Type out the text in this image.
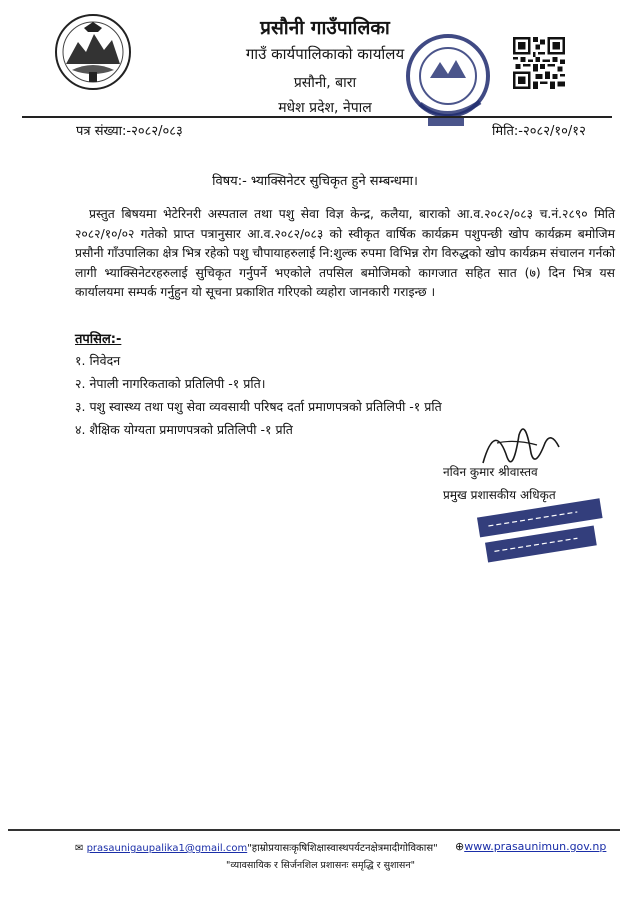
प्रसौनी गाउँपालिका
गाउँ कार्यपालिकाको कार्यालय
प्रसौनी, बारा
मधेश प्रदेश, नेपाल
पत्र संख्या:-२०८२/०८३	मिति:-२०८२/१०/१२
विषय:- भ्याक्सिनेटर सुचिकृत हुने सम्बन्धमा।
प्रस्तुत बिषयमा भेटेरिनरी अस्पताल तथा पशु सेवा विज्ञ केन्द्र, कलैया, बाराको आ.व.२०८२/०८३ च.नं.२८९० मिति २०८२/१०/०२ गतेको प्राप्त पत्रानुसार आ.व.२०८२/०८३ को स्वीकृत वार्षिक कार्यक्रम पशुपन्छी खोप कार्यक्रम बमोजिम प्रसौनी गाँउपालिका क्षेत्र भित्र रहेको पशु चौपायाहरुलाई नि:शुल्क रुपमा विभिन्न रोग विरुद्धको खोप कार्यक्रम संचालन गर्नको लागी भ्याक्सिनेटरहरुलाई सुचिकृत गर्नुपर्ने भएकोले तपसिल बमोजिमको कागजात सहित सात (७) दिन भित्र यस कार्यालयमा सम्पर्क गर्नुहुन यो सूचना प्रकाशित गरिएको व्यहोरा जानकारी गराइन्छ ।
तपसिल:-
१. निवेदन
२. नेपाली नागरिकताको प्रतिलिपी -१ प्रति।
३. पशु स्वास्थ्य तथा पशु सेवा व्यवसायी परिषद दर्ता प्रमाणपत्रको प्रतिलिपी -१ प्रति
४. शैक्षिक योग्यता प्रमाणपत्रको प्रतिलिपी -१ प्रति
नविन कुमार श्रीवास्तव
प्रमुख प्रशासकीय अधिकृत
✉ prasaunigaupalika1@gmail.com"हाम्रोप्रयासःकृषिशिक्षास्वास्थपर्यटनक्षेत्रमादीगोविकास" ⊕www.prasaunimun.gov.np
"व्यावसायिक र सिर्जनशिल प्रशासनः समृद्धि र सुशासन"
